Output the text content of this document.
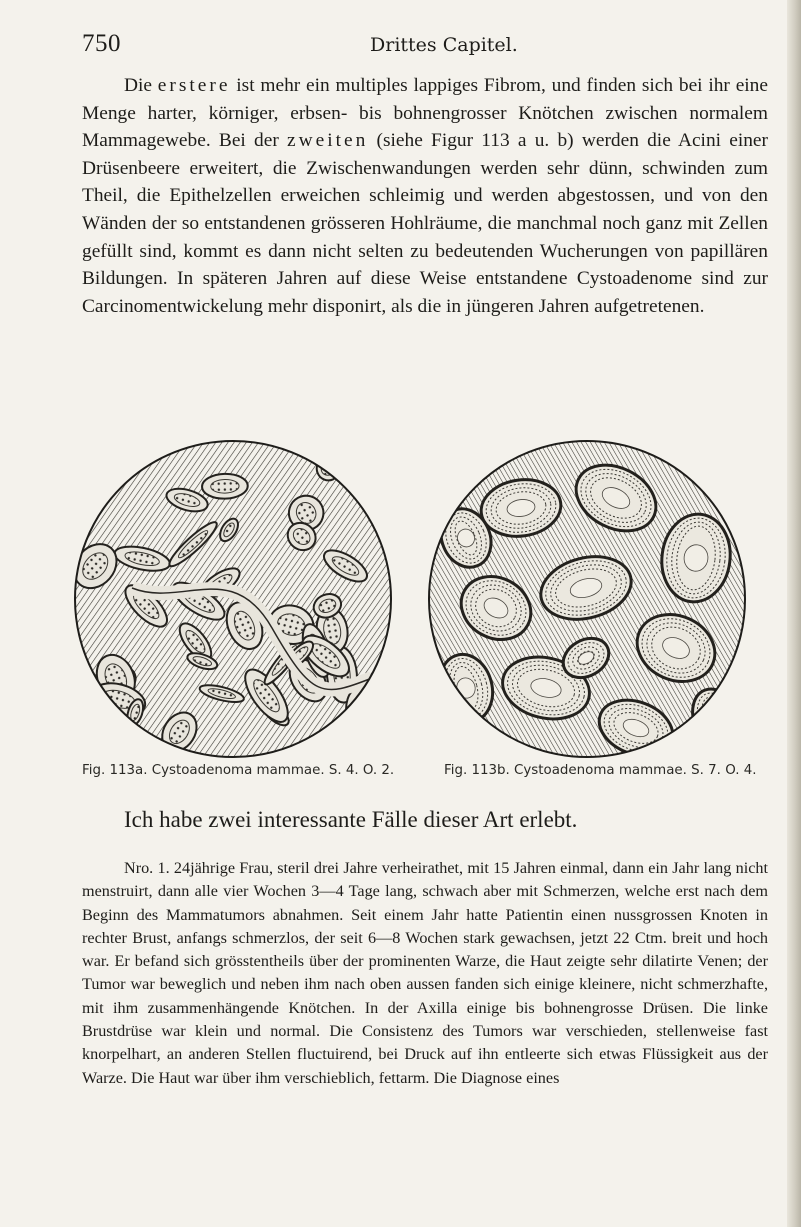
750	Drittes Capitel.

Die erstere ist mehr ein multiples lappiges Fibrom, und finden sich bei ihr eine Menge harter, körniger, erbsen- bis bohnengrosser Knötchen zwischen normalem Mammagewebe. Bei der zweiten (siehe Figur 113 a u. b) werden die Acini einer Drüsenbeere erweitert, die Zwischenwandungen werden sehr dünn, schwinden zum Theil, die Epithelzellen erweichen schleimig und werden abgestossen, und von den Wänden der so entstandenen grösseren Hohlräume, die manchmal noch ganz mit Zellen gefüllt sind, kommt es dann nicht selten zu bedeutenden Wucherungen von papillären Bildungen. In späteren Jahren auf diese Weise entstandene Cystoadenome sind zur Carcinomentwickelung mehr disponirt, als die in jüngeren Jahren aufgetretenen.

Fig. 113a. Cystoadenoma mammae. S. 4. O. 2.	Fig. 113b. Cystoadenoma mammae. S. 7. O. 4.
Ich habe zwei interessante Fälle dieser Art erlebt.

Nro. 1. 24jährige Frau, steril drei Jahre verheirathet, mit 15 Jahren einmal, dann ein Jahr lang nicht menstruirt, dann alle vier Wochen 3—4 Tage lang, schwach aber mit Schmerzen, welche erst nach dem Beginn des Mammatumors abnahmen. Seit einem Jahr hatte Patientin einen nussgrossen Knoten in rechter Brust, anfangs schmerzlos, der seit 6—8 Wochen stark gewachsen, jetzt 22 Ctm. breit und hoch war. Er befand sich grösstentheils über der prominenten Warze, die Haut zeigte sehr dilatirte Venen; der Tumor war beweglich und neben ihm nach oben aussen fanden sich einige kleinere, nicht schmerzhafte, mit ihm zusammenhängende Knötchen. In der Axilla einige bis bohnengrosse Drüsen. Die linke Brustdrüse war klein und normal. Die Consistenz des Tumors war verschieden, stellenweise fast knorpelhart, an anderen Stellen fluctuirend, bei Druck auf ihn entleerte sich etwas Flüssigkeit aus der Warze. Die Haut war über ihm verschieblich, fettarm. Die Diagnose eines
